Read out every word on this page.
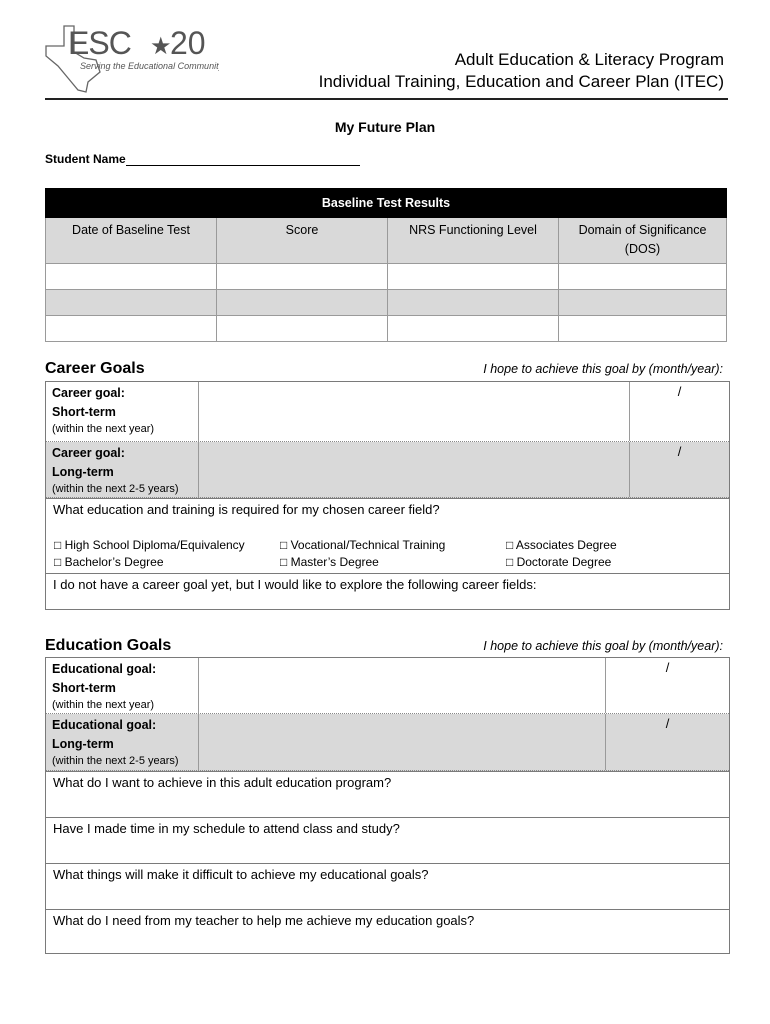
ESC ★
20
Serving the Educational Community	Adult Education & Literacy Program
Individual Training, Education and Career Plan (ITEC)
My Future Plan
Student Name
Baseline Test Results			
Date of Baseline Test	Score	NRS Functioning Level	Domain of Significance (DOS)

Career Goals	I hope to achieve this goal by (month/year):
Career goal:
Short-term
(within the next year)
/
Career goal:
Long-term
(within the next 2-5 years)
/
What education and training is required for my chosen career field?
□ High School Diploma/Equivalency	□ Vocational/Technical Training	□ Associates Degree
□ Bachelor’s Degree	□ Master’s Degree	□ Doctorate Degree
I do not have a career goal yet, but I would like to explore the following career fields:
Education Goals	I hope to achieve this goal by (month/year):
Educational goal:
Short-term
(within the next year)
/
Educational goal:
Long-term
(within the next 2-5 years)
/
What do I want to achieve in this adult education program?
Have I made time in my schedule to attend class and study?
What things will make it difficult to achieve my educational goals?
What do I need from my teacher to help me achieve my education goals?
